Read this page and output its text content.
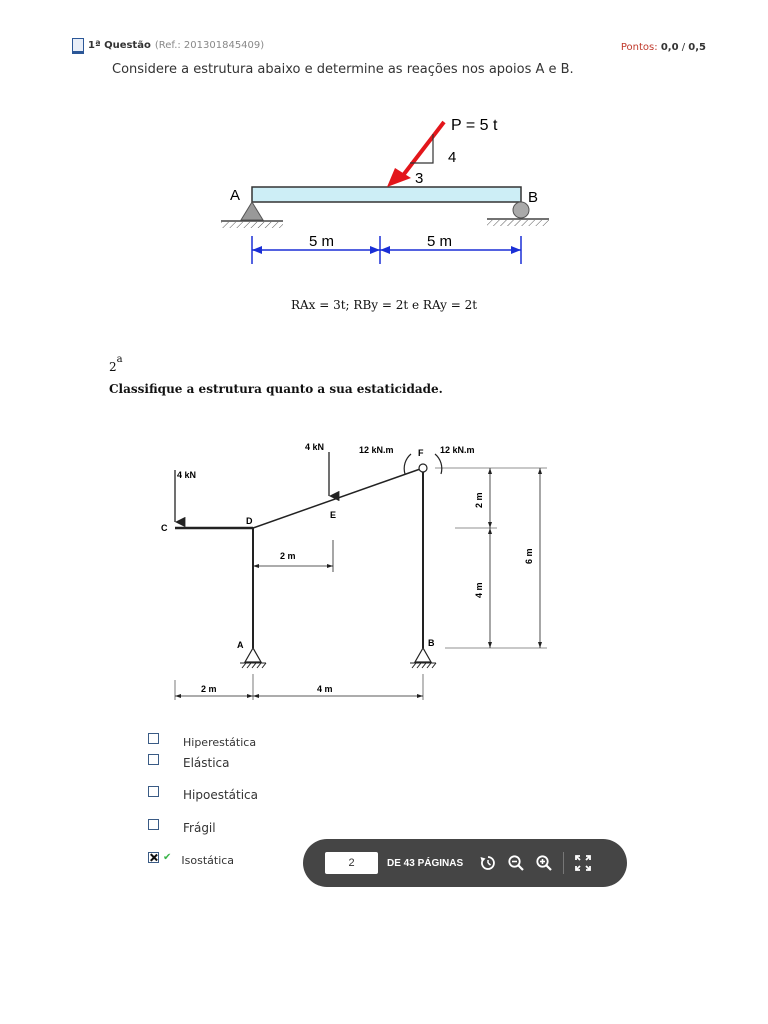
1ª Questão (Ref.: 201301845409)	Pontos: 0,0 / 0,5
Considere a estrutura abaixo e determine as reações nos apoios A e B.
A	B
P = 5 t
4
3
5 m	5 m
RAx = 3t; RBy = 2t e RAy = 2t
2$^a$
Classifique a estrutura quanto a sua estaticidade.
4 kN
4 kN	12 kN.m	F 12 kN.m
C
D
E
A	B
2 m
2 m
4 m
6 m
2 m	4 m
Hiperestática
Elástica
Hipoestática
Frágil
✔ Isostática
2	DE 43 PÁGINAS
